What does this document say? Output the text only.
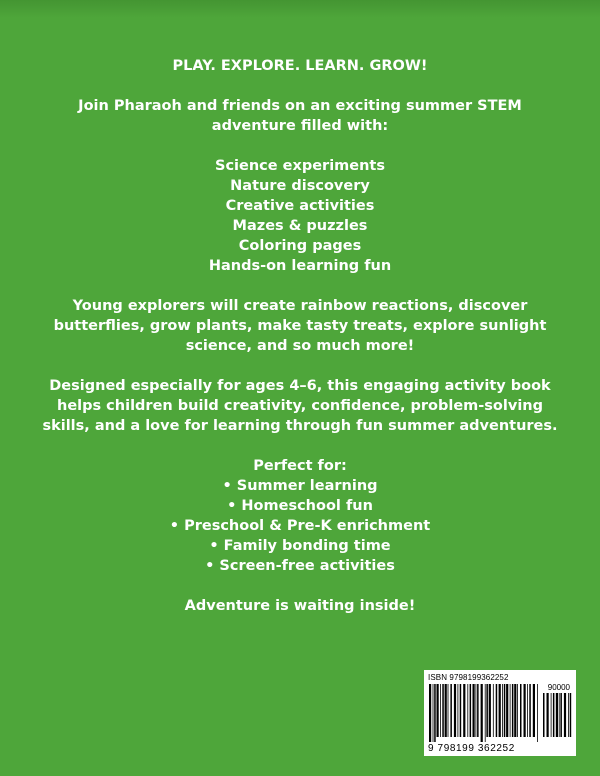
PLAY. EXPLORE. LEARN. GROW!

Join Pharaoh and friends on an exciting summer STEM adventure filled with:

Science experiments
Nature discovery
Creative activities
Mazes & puzzles
Coloring pages
Hands-on learning fun

Young explorers will create rainbow reactions, discover butterflies, grow plants, make tasty treats, explore sunlight science, and so much more!

Designed especially for ages 4–6, this engaging activity book helps children build creativity, confidence, problem-solving skills, and a love for learning through fun summer adventures.

Perfect for:

• Summer learning
• Homeschool fun
• Preschool & Pre-K enrichment
• Family bonding time
• Screen-free activities

Adventure is waiting inside!

ISBN 9798199362252
90000
9 798199 362252
